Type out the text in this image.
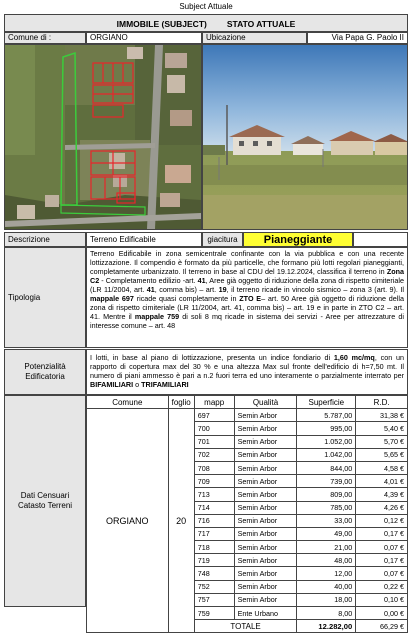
Subject Attuale
IMMOBILE (SUBJECT) STATO ATTUALE
Comune di :	ORGIANO	Ubicazione	Via Papa G. Paolo II
Descrizione	Terreno Edificabile	giacitura	Pianeggiante
Tipologia
Terreno Edificabile in zona semicentrale confinante con la via pubblica e con una recente lottizzazione. Il compendio è formato da più particelle, che formano più lotti regolari pianeggianti, completamente urbanizzato. Il terreno in base al CDU del 19.12.2024, classifica il terreno in Zona C2 - Completamento edilizio -art. 41, Aree già oggetto di riduzione della zona di rispetto cimiteriale (LR 11/2004, art. 41, comma bis) – art. 19, il terreno ricade in vincolo sismico – zona 3 (art. 9). Il mappale 697 ricade quasi completamente in ZTO E– art. 50 Aree già oggetto di riduzione della zona di rispetto cimiteriale (LR 11/2004, art. 41, comma bis) – art. 19 e in parte in ZTO C2 – art. 41. Mentre il mappale 759 di soli 8 mq ricade in sistema dei servizi - Aree per attrezzature di interesse comune – art. 48
Potenzialità Edificatoria
I lotti, in base al piano di lottizzazione, presenta un indice fondiario di 1,60 mc/mq, con un rapporto di copertura max del 30 % e una altezza Max sul fronte dell'edificio di h=7,50 mt. Il numero di piani ammesso è pari a n.2 fuori terra ed uno interamente o parzialmente interrato per BIFAMILIARI o TRIFAMILIARI
Dati Censuari Catasto Terreni
Comune	foglio	mapp	Qualità	Superficie	R.D.
ORGIANO	20	697	Semin Arbor	5.787,00	31,38 €
		700	Semin Arbor	995,00	5,40 €
		701	Semin Arbor	1.052,00	5,70 €
		702	Semin Arbor	1.042,00	5,65 €
		708	Semin Arbor	844,00	4,58 €
		709	Semin Arbor	739,00	4,01 €
		713	Semin Arbor	809,00	4,39 €
		714	Semin Arbor	785,00	4,26 €
		716	Semin Arbor	33,00	0,12 €
		717	Semin Arbor	49,00	0,17 €
		718	Semin Arbor	21,00	0,07 €
		719	Semin Arbor	48,00	0,17 €
		748	Semin Arbor	12,00	0,07 €
		752	Semin Arbor	40,00	0,22 €
		757	Semin Arbor	18,00	0,10 €
		759	Ente Urbano	8,00	0,00 €
		TOTALE		12.282,00	66,29 €
